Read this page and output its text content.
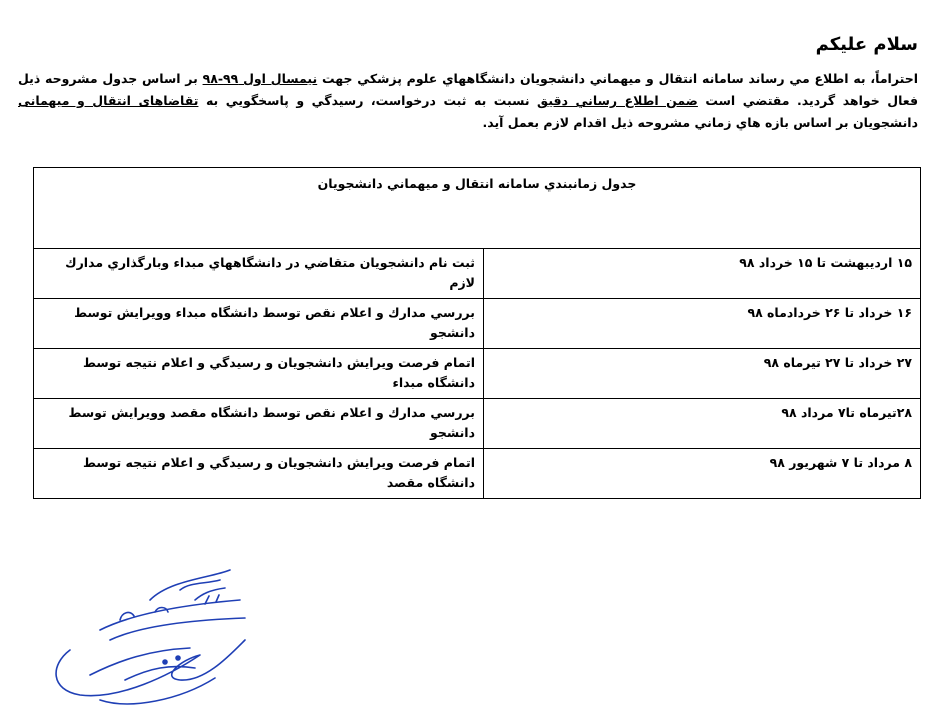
سلام علیکم
احتراماً، به اطلاع مي رساند سامانه انتقال و ميهماني دانشجويان دانشگاههاي علوم پزشكي جهت نيمسال اول ۹۹-۹۸ بر اساس جدول مشروحه ذيل فعال خواهد گرديد. مقتضي است ضمن اطلاع رساني دقيق نسبت به ثبت درخواست، رسيدگي و پاسخگويي به تقاضاهای انتقال و میهمانی دانشجويان بر اساس بازه هاي زماني مشروحه ذيل اقدام لازم بعمل آيد.
جدول زمانبندي سامانه انتقال و ميهماني دانشجويان	
۱۵ ارديبهشت تا ۱۵ خرداد ۹۸	ثبت نام دانشجويان متقاضي در دانشگاههاي مبداء وبارگذاري مدارك لازم
۱۶ خرداد تا ۲۶ خردادماه ۹۸	بررسي مدارك و اعلام نقص توسط دانشگاه مبداء وويرايش توسط دانشجو
۲۷ خرداد تا ۲۷ تيرماه ۹۸	اتمام فرصت ويرايش دانشجويان و رسيدگي و اعلام نتيجه توسط دانشگاه مبداء
۲۸تيرماه تا۷ مرداد ۹۸	بررسي مدارك و اعلام نقص توسط دانشگاه مقصد وويرايش توسط دانشجو
۸ مرداد تا ۷ شهريور ۹۸	اتمام فرصت ويرايش دانشجويان و رسيدگي و اعلام نتيجه توسط دانشگاه مقصد
